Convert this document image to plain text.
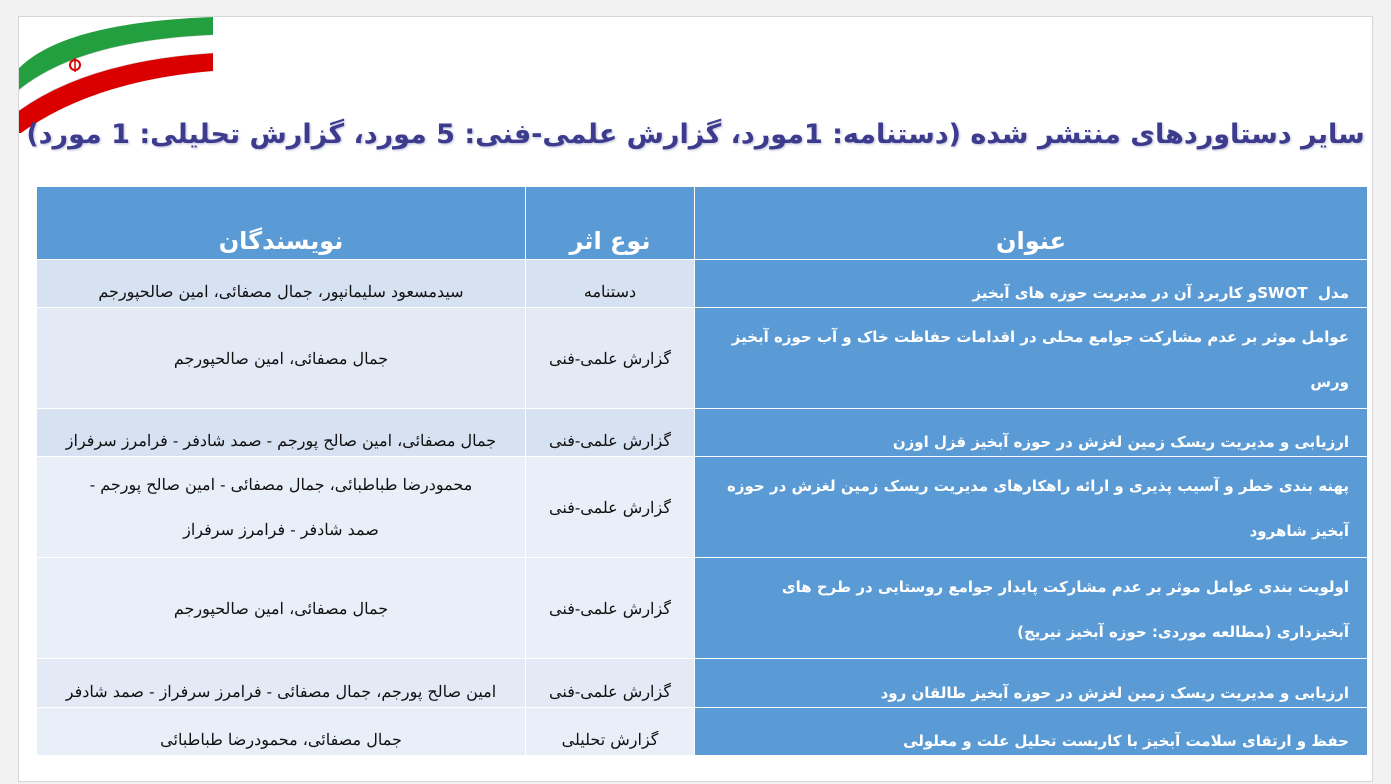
سایر دستاوردهای منتشر شده (دستنامه: 1مورد، گزارش علمی-فنی: 5 مورد، گزارش تحلیلی: 1 مورد)
عنوان	نوع اثر	نویسندگان
مدل  SWOTو کاربرد آن در مدیریت حوزه های آبخیز	دستنامه	سیدمسعود سلیمانپور، جمال مصفائی، امین صالحپورجم

عوامل موثر بر عدم مشارکت جوامع محلی در اقدامات حفاظت خاک و آب حوزه آبخیز
ورس	گزارش علمی-فنی	جمال مصفائی، امین صالحپورجم
ارزیابی و مدیریت ریسک زمین لغزش در حوزه آبخیز قزل اوزن	گزارش علمی-فنی	جمال مصفائی، امین صالح پورجم - صمد شادفر - فرامرز سرفراز

پهنه بندی خطر و آسیب پذیری و ارائه راهکارهای مدیریت ریسک زمین لغزش در حوزه
آبخیز شاهرود	گزارش علمی-فنی	محمودرضا طباطبائی، جمال مصفائی - امین صالح پورجم -
صمد شادفر - فرامرز سرفراز

اولویت بندی عوامل موثر بر عدم مشارکت پایدار جوامع روستایی در طرح های
آبخیزداری (مطالعه موردی: حوزه آبخیز نیریج)	گزارش علمی-فنی	جمال مصفائی، امین صالحپورجم
ارزیابی و مدیریت ریسک زمین لغزش در حوزه آبخیز طالقان رود	گزارش علمی-فنی	امین صالح پورجم، جمال مصفائی - فرامرز سرفراز - صمد شادفر
حفظ و ارتقای سلامت آبخیز با کاربست تحلیل علت و معلولی	گزارش تحلیلی	جمال مصفائی، محمودرضا طباطبائی
